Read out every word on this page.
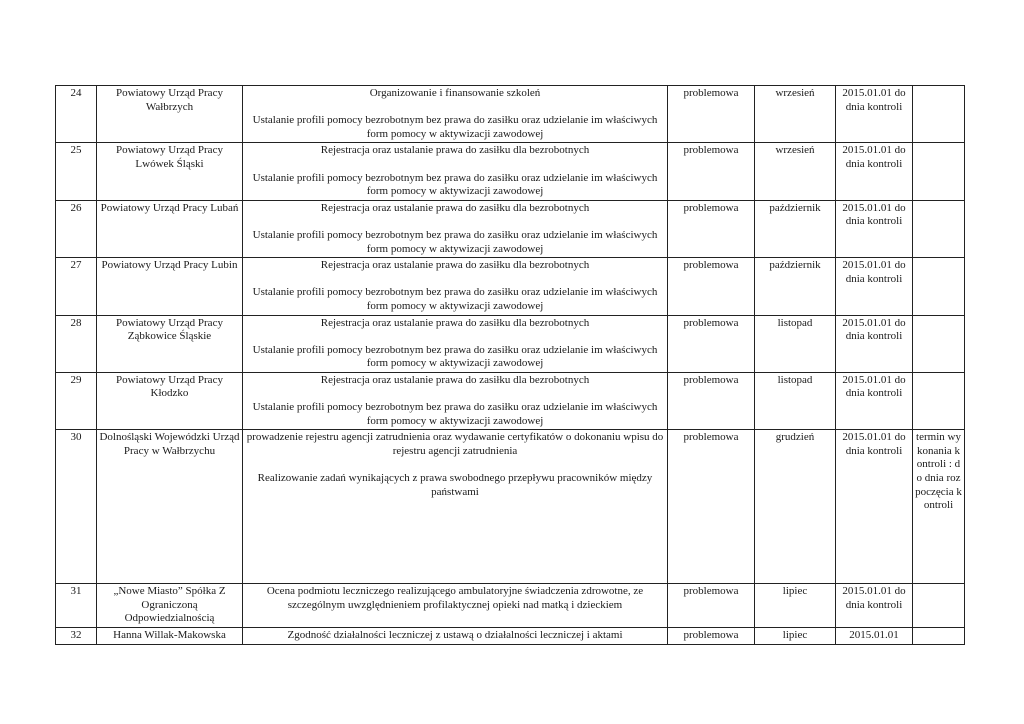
24	Powiatowy Urząd Pracy Wałbrzych	Organizowanie i finansowanie szkoleń
Ustalanie profili pomocy bezrobotnym bez prawa do zasiłku oraz udzielanie im właściwych form pomocy w aktywizacji zawodowej	problemowa	wrzesień	2015.01.01 do dnia kontroli	

25	Powiatowy Urząd Pracy Lwówek Śląski	Rejestracja oraz ustalanie prawa do zasiłku dla bezrobotnych
Ustalanie profili pomocy bezrobotnym bez prawa do zasiłku oraz udzielanie im właściwych form pomocy w aktywizacji zawodowej	problemowa	wrzesień	2015.01.01 do dnia kontroli	

26	Powiatowy Urząd Pracy Lubań	Rejestracja oraz ustalanie prawa do zasiłku dla bezrobotnych
Ustalanie profili pomocy bezrobotnym bez prawa do zasiłku oraz udzielanie im właściwych form pomocy w aktywizacji zawodowej	problemowa	październik	2015.01.01 do dnia kontroli	

27	Powiatowy Urząd Pracy Lubin	Rejestracja oraz ustalanie prawa do zasiłku dla bezrobotnych
Ustalanie profili pomocy bezrobotnym bez prawa do zasiłku oraz udzielanie im właściwych form pomocy w aktywizacji zawodowej	problemowa	październik	2015.01.01 do dnia kontroli	

28	Powiatowy Urząd Pracy Ząbkowice Śląskie	Rejestracja oraz ustalanie prawa do zasiłku dla bezrobotnych
Ustalanie profili pomocy bezrobotnym bez prawa do zasiłku oraz udzielanie im właściwych form pomocy w aktywizacji zawodowej	problemowa	listopad	2015.01.01 do dnia kontroli	

29	Powiatowy Urząd Pracy Kłodzko	Rejestracja oraz ustalanie prawa do zasiłku dla bezrobotnych
Ustalanie profili pomocy bezrobotnym bez prawa do zasiłku oraz udzielanie im właściwych form pomocy w aktywizacji zawodowej	problemowa	listopad	2015.01.01 do dnia kontroli	

30	Dolnośląski Wojewódzki Urząd Pracy w Wałbrzychu	prowadzenie rejestru agencji zatrudnienia oraz wydawanie certyfikatów o dokonaniu wpisu do rejestru agencji zatrudnienia
Realizowanie zadań wynikających z prawa swobodnego przepływu pracowników między państwami	problemowa	grudzień	2015.01.01 do dnia kontroli	termin wykonania kontroli : do dnia rozpoczęcia kontroli

31	„Nowe Miasto” Spółka Z Ograniczoną Odpowiedzialnością	Ocena podmiotu leczniczego realizującego ambulatoryjne świadczenia zdrowotne, ze szczególnym uwzględnieniem profilaktycznej opieki nad matką i dzieckiem	problemowa	lipiec	2015.01.01 do dnia kontroli	

32	Hanna Willak-Makowska	Zgodność działalności leczniczej z ustawą o działalności leczniczej i aktami	problemowa	lipiec	2015.01.01	
